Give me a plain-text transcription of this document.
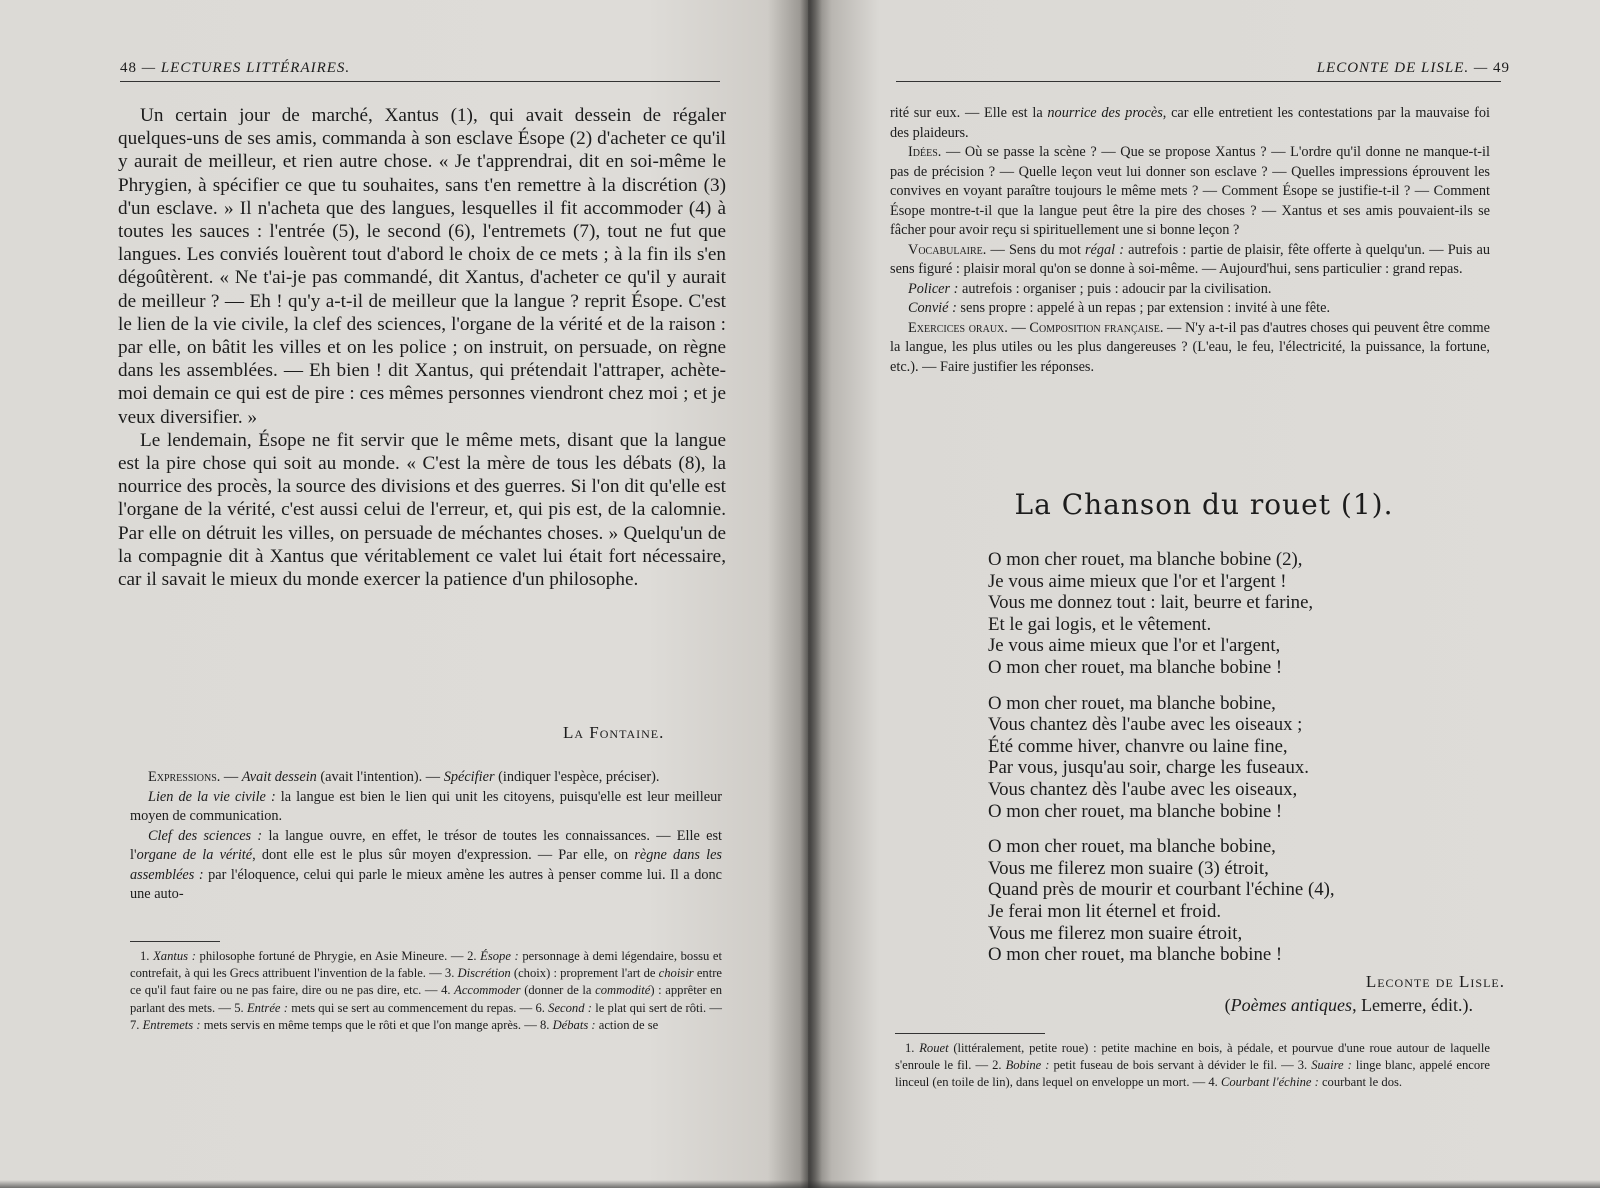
48 — LECTURES LITTÉRAIRES.

Un certain jour de marché, Xantus (1), qui avait dessein de régaler quelques-uns de ses amis, commanda à son esclave Ésope (2) d'acheter ce qu'il y aurait de meilleur, et rien autre chose. « Je t'apprendrai, dit en soi-même le Phrygien, à spécifier ce que tu souhaites, sans t'en remettre à la discrétion (3) d'un esclave. » Il n'acheta que des langues, lesquelles il fit accommoder (4) à toutes les sauces : l'entrée (5), le second (6), l'entremets (7), tout ne fut que langues. Les conviés louèrent tout d'abord le choix de ce mets ; à la fin ils s'en dégoûtèrent. « Ne t'ai-je pas commandé, dit Xantus, d'acheter ce qu'il y aurait de meilleur ? — Eh ! qu'y a-t-il de meilleur que la langue ? reprit Ésope. C'est le lien de la vie civile, la clef des sciences, l'organe de la vérité et de la raison : par elle, on bâtit les villes et on les police ; on instruit, on persuade, on règne dans les assemblées. — Eh bien ! dit Xantus, qui prétendait l'attraper, achète-moi demain ce qui est de pire : ces mêmes personnes viendront chez moi ; et je veux diversifier. »

Le lendemain, Ésope ne fit servir que le même mets, disant que la langue est la pire chose qui soit au monde. « C'est la mère de tous les débats (8), la nourrice des procès, la source des divisions et des guerres. Si l'on dit qu'elle est l'organe de la vérité, c'est aussi celui de l'erreur, et, qui pis est, de la calomnie. Par elle on détruit les villes, on persuade de méchantes choses. » Quelqu'un de la compagnie dit à Xantus que véritablement ce valet lui était fort nécessaire, car il savait le mieux du monde exercer la patience d'un philosophe.

La Fontaine.

Expressions. — Avait dessein (avait l'intention). — Spécifier (indiquer l'espèce, préciser).

Lien de la vie civile : la langue est bien le lien qui unit les citoyens, puisqu'elle est leur meilleur moyen de communication.

Clef des sciences : la langue ouvre, en effet, le trésor de toutes les connaissances. — Elle est l'organe de la vérité, dont elle est le plus sûr moyen d'expression. — Par elle, on règne dans les assemblées : par l'éloquence, celui qui parle le mieux amène les autres à penser comme lui. Il a donc une auto-

1. Xantus : philosophe fortuné de Phrygie, en Asie Mineure. — 2. Ésope : personnage à demi légendaire, bossu et contrefait, à qui les Grecs attribuent l'invention de la fable. — 3. Discrétion (choix) : proprement l'art de choisir entre ce qu'il faut faire ou ne pas faire, dire ou ne pas dire, etc. — 4. Accommoder (donner de la commodité) : apprêter en parlant des mets. — 5. Entrée : mets qui se sert au commencement du repas. — 6. Second : le plat qui sert de rôti. — 7. Entremets : mets servis en même temps que le rôti et que l'on mange après. — 8. Débats : action de se

LECONTE DE LISLE. — 49

rité sur eux. — Elle est la nourrice des procès, car elle entretient les contestations par la mauvaise foi des plaideurs.

Idées. — Où se passe la scène ? — Que se propose Xantus ? — L'ordre qu'il donne ne manque-t-il pas de précision ? — Quelle leçon veut lui donner son esclave ? — Quelles impressions éprouvent les convives en voyant paraître toujours le même mets ? — Comment Ésope se justifie-t-il ? — Comment Ésope montre-t-il que la langue peut être la pire des choses ? — Xantus et ses amis pouvaient-ils se fâcher pour avoir reçu si spirituellement une si bonne leçon ?

Vocabulaire. — Sens du mot régal : autrefois : partie de plaisir, fête offerte à quelqu'un. — Puis au sens figuré : plaisir moral qu'on se donne à soi-même. — Aujourd'hui, sens particulier : grand repas.

Policer : autrefois : organiser ; puis : adoucir par la civilisation.

Convié : sens propre : appelé à un repas ; par extension : invité à une fête.

Exercices oraux. — Composition française. — N'y a-t-il pas d'autres choses qui peuvent être comme la langue, les plus utiles ou les plus dangereuses ? (L'eau, le feu, l'électricité, la puissance, la fortune, etc.). — Faire justifier les réponses.

La Chanson du rouet (1).
O mon cher rouet, ma blanche bobine (2),
Je vous aime mieux que l'or et l'argent !
Vous me donnez tout : lait, beurre et farine,
Et le gai logis, et le vêtement.
Je vous aime mieux que l'or et l'argent,
O mon cher rouet, ma blanche bobine !
O mon cher rouet, ma blanche bobine,
Vous chantez dès l'aube avec les oiseaux ;
Été comme hiver, chanvre ou laine fine,
Par vous, jusqu'au soir, charge les fuseaux.
Vous chantez dès l'aube avec les oiseaux,
O mon cher rouet, ma blanche bobine !
O mon cher rouet, ma blanche bobine,
Vous me filerez mon suaire (3) étroit,
Quand près de mourir et courbant l'échine (4),
Je ferai mon lit éternel et froid.
Vous me filerez mon suaire étroit,
O mon cher rouet, ma blanche bobine !
Leconte de Lisle.
(Poèmes antiques, Lemerre, édit.).

1. Rouet (littéralement, petite roue) : petite machine en bois, à pédale, et pourvue d'une roue autour de laquelle s'enroule le fil. — 2. Bobine : petit fuseau de bois servant à dévider le fil. — 3. Suaire : linge blanc, appelé encore linceul (en toile de lin), dans lequel on enveloppe un mort. — 4. Courbant l'échine : courbant le dos.
